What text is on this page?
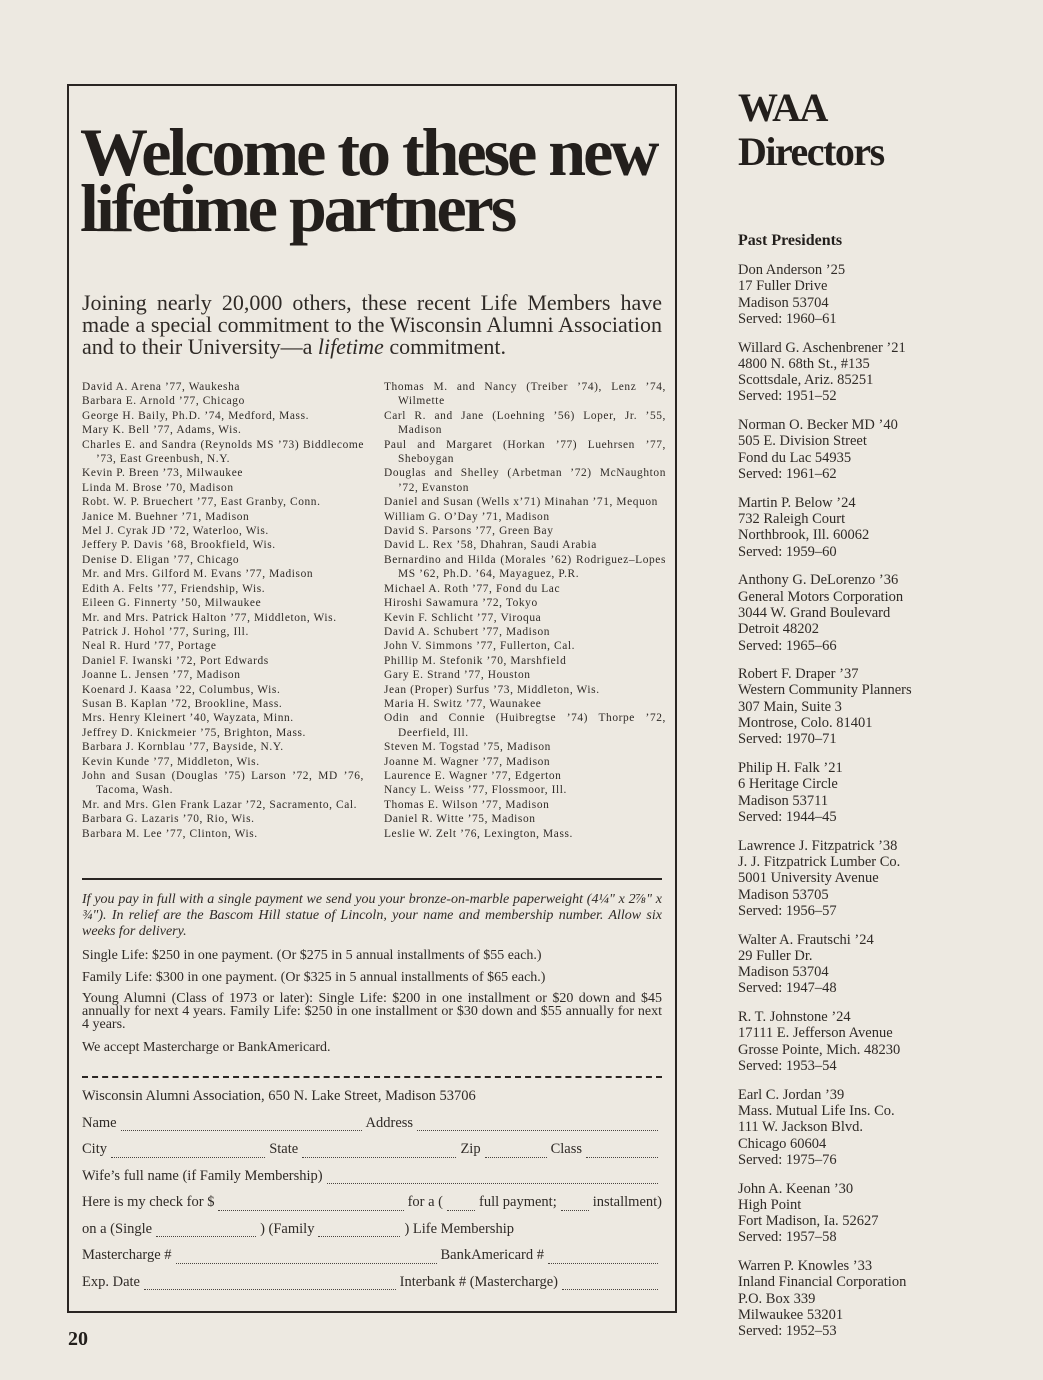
Welcome to these new lifetime partners

Joining nearly 20,000 others, these recent Life Members have made a special commitment to the Wisconsin Alumni Association and to their University—a lifetime commitment.

David A. Arena ’77, Waukesha
Barbara E. Arnold ’77, Chicago
George H. Baily, Ph.D. ’74, Medford, Mass.
Mary K. Bell ’77, Adams, Wis.
Charles E. and Sandra (Reynolds MS ’73) Biddlecome ’73, East Greenbush, N.Y.
Kevin P. Breen ’73, Milwaukee
Linda M. Brose ’70, Madison
Robt. W. P. Bruechert ’77, East Granby, Conn.
Janice M. Buehner ’71, Madison
Mel J. Cyrak JD ’72, Waterloo, Wis.
Jeffery P. Davis ’68, Brookfield, Wis.
Denise D. Eligan ’77, Chicago
Mr. and Mrs. Gilford M. Evans ’77, Madison
Edith A. Felts ’77, Friendship, Wis.
Eileen G. Finnerty ’50, Milwaukee
Mr. and Mrs. Patrick Halton ’77, Middleton, Wis.
Patrick J. Hohol ’77, Suring, Ill.
Neal R. Hurd ’77, Portage
Daniel F. Iwanski ’72, Port Edwards
Joanne L. Jensen ’77, Madison
Koenard J. Kaasa ’22, Columbus, Wis.
Susan B. Kaplan ’72, Brookline, Mass.
Mrs. Henry Kleinert ’40, Wayzata, Minn.
Jeffrey D. Knickmeier ’75, Brighton, Mass.
Barbara J. Kornblau ’77, Bayside, N.Y.
Kevin Kunde ’77, Middleton, Wis.
John and Susan (Douglas ’75) Larson ’72, MD ’76, Tacoma, Wash.
Mr. and Mrs. Glen Frank Lazar ’72, Sacramento, Cal.
Barbara G. Lazaris ’70, Rio, Wis.
Barbara M. Lee ’77, Clinton, Wis.
Thomas M. and Nancy (Treiber ’74), Lenz ’74, Wilmette
Carl R. and Jane (Loehning ’56) Loper, Jr. ’55, Madison
Paul and Margaret (Horkan ’77) Luehrsen ’77, Sheboygan
Douglas and Shelley (Arbetman ’72) McNaughton ’72, Evanston
Daniel and Susan (Wells x’71) Minahan ’71, Mequon
William G. O’Day ’71, Madison
David S. Parsons ’77, Green Bay
David L. Rex ’58, Dhahran, Saudi Arabia
Bernardino and Hilda (Morales ’62) Rodriguez–Lopes MS ’62, Ph.D. ’64, Mayaguez, P.R.
Michael A. Roth ’77, Fond du Lac
Hiroshi Sawamura ’72, Tokyo
Kevin F. Schlicht ’77, Viroqua
David A. Schubert ’77, Madison
John V. Simmons ’77, Fullerton, Cal.
Phillip M. Stefonik ’70, Marshfield
Gary E. Strand ’77, Houston
Jean (Proper) Surfus ’73, Middleton, Wis.
Maria H. Switz ’77, Waunakee
Odin and Connie (Huibregtse ’74) Thorpe ’72, Deerfield, Ill.
Steven M. Togstad ’75, Madison
Joanne M. Wagner ’77, Madison
Laurence E. Wagner ’77, Edgerton
Nancy L. Weiss ’77, Flossmoor, Ill.
Thomas E. Wilson ’77, Madison
Daniel R. Witte ’75, Madison
Leslie W. Zelt ’76, Lexington, Mass.

If you pay in full with a single payment we send you your bronze-on-marble paperweight (4¼" x 2⅞" x ¾"). In relief are the Bascom Hill statue of Lincoln, your name and membership number. Allow six weeks for delivery.

Single Life: $250 in one payment. (Or $275 in 5 annual installments of $55 each.)

Family Life: $300 in one payment. (Or $325 in 5 annual installments of $65 each.)

Young Alumni (Class of 1973 or later): Single Life: $200 in one installment or $20 down and $45 annually for next 4 years. Family Life: $250 in one installment or $30 down and $55 annually for next 4 years.

We accept Mastercharge or BankAmericard.

Wisconsin Alumni Association, 650 N. Lake Street, Madison 53706
Name	Address
City	State	Zip	Class
Wife’s full name (if Family Membership)
Here is my check for $	for a ( full payment; installment)
on a (Single	) (Family	) Life Membership
Mastercharge #	BankAmericard #
Exp. Date	Interbank # (Mastercharge)
20
WAA
Directors
Past Presidents
Don Anderson ’25
17 Fuller Drive
Madison 53704
Served: 1960–61
Willard G. Aschenbrener ’21
4800 N. 68th St., #135
Scottsdale, Ariz. 85251
Served: 1951–52
Norman O. Becker MD ’40
505 E. Division Street
Fond du Lac 54935
Served: 1961–62
Martin P. Below ’24
732 Raleigh Court
Northbrook, Ill. 60062
Served: 1959–60
Anthony G. DeLorenzo ’36
General Motors Corporation
3044 W. Grand Boulevard
Detroit 48202
Served: 1965–66
Robert F. Draper ’37
Western Community Planners
307 Main, Suite 3
Montrose, Colo. 81401
Served: 1970–71
Philip H. Falk ’21
6 Heritage Circle
Madison 53711
Served: 1944–45
Lawrence J. Fitzpatrick ’38
J. J. Fitzpatrick Lumber Co.
5001 University Avenue
Madison 53705
Served: 1956–57
Walter A. Frautschi ’24
29 Fuller Dr.
Madison 53704
Served: 1947–48
R. T. Johnstone ’24
17111 E. Jefferson Avenue
Grosse Pointe, Mich. 48230
Served: 1953–54
Earl C. Jordan ’39
Mass. Mutual Life Ins. Co.
111 W. Jackson Blvd.
Chicago 60604
Served: 1975–76
John A. Keenan ’30
High Point
Fort Madison, Ia. 52627
Served: 1957–58
Warren P. Knowles ’33
Inland Financial Corporation
P.O. Box 339
Milwaukee 53201
Served: 1952–53
